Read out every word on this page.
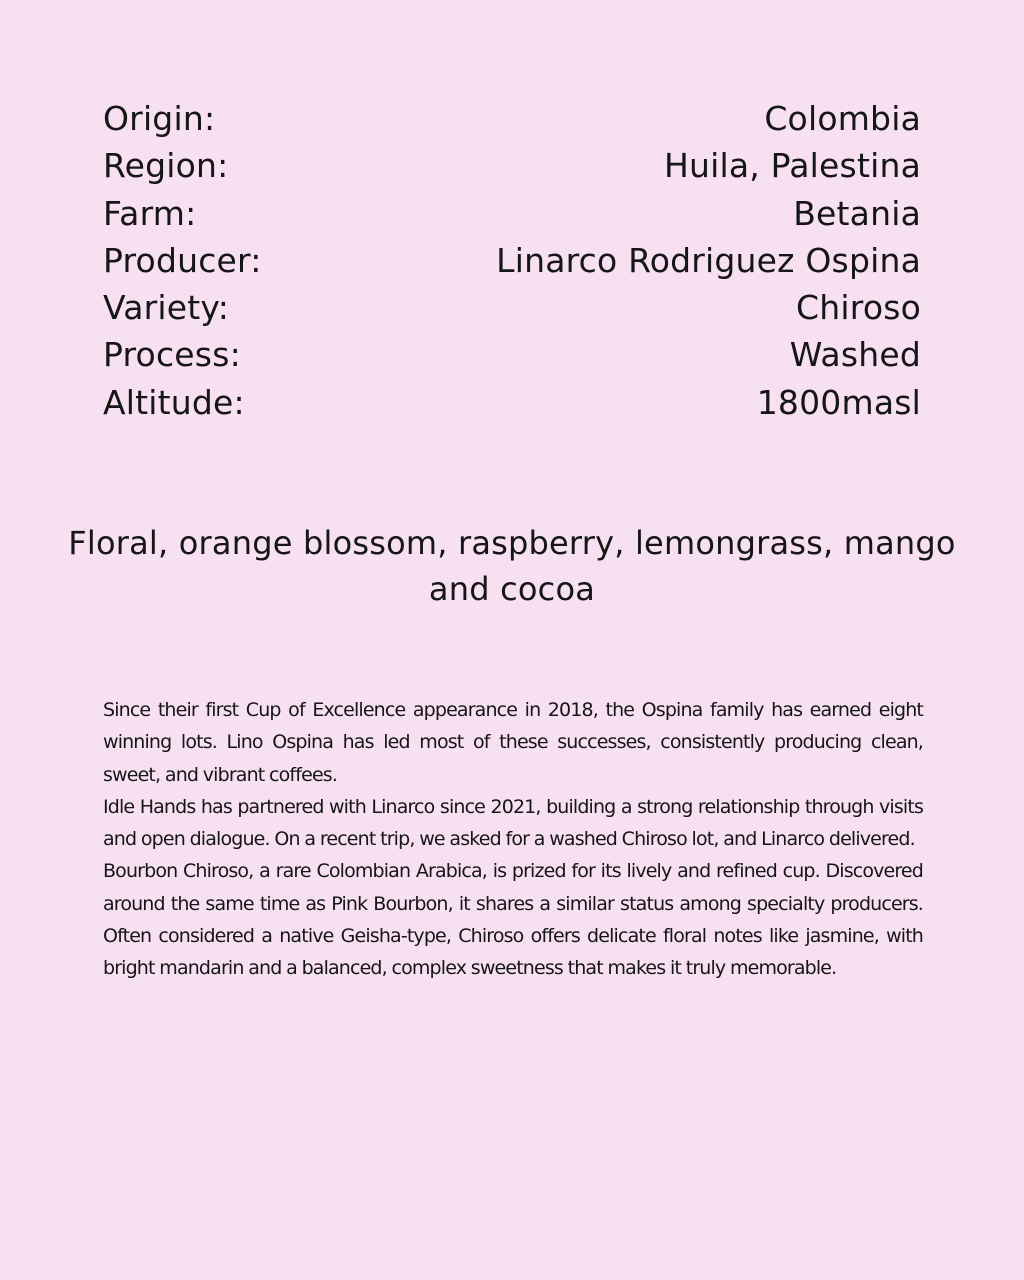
Origin:	Colombia
Region:	Huila, Palestina
Farm:	Betania
Producer:	Linarco Rodriguez Ospina
Variety:	Chiroso
Process:	Washed
Altitude:	1800masl
Floral, orange blossom, raspberry, lemongrass, mango and cocoa

Since their first Cup of Excellence appearance in 2018, the Ospina family has earned eight winning lots. Lino Ospina has led most of these successes, consistently producing clean, sweet, and vibrant coffees.

Idle Hands has partnered with Linarco since 2021, building a strong relationship through visits and open dialogue. On a recent trip, we asked for a washed Chiroso lot, and Linarco delivered.

Bourbon Chiroso, a rare Colombian Arabica, is prized for its lively and refined cup. Discovered around the same time as Pink Bourbon, it shares a similar status among specialty producers. Often considered a native Geisha-type, Chiroso offers delicate floral notes like jasmine, with bright mandarin and a balanced, complex sweetness that makes it truly memorable.
